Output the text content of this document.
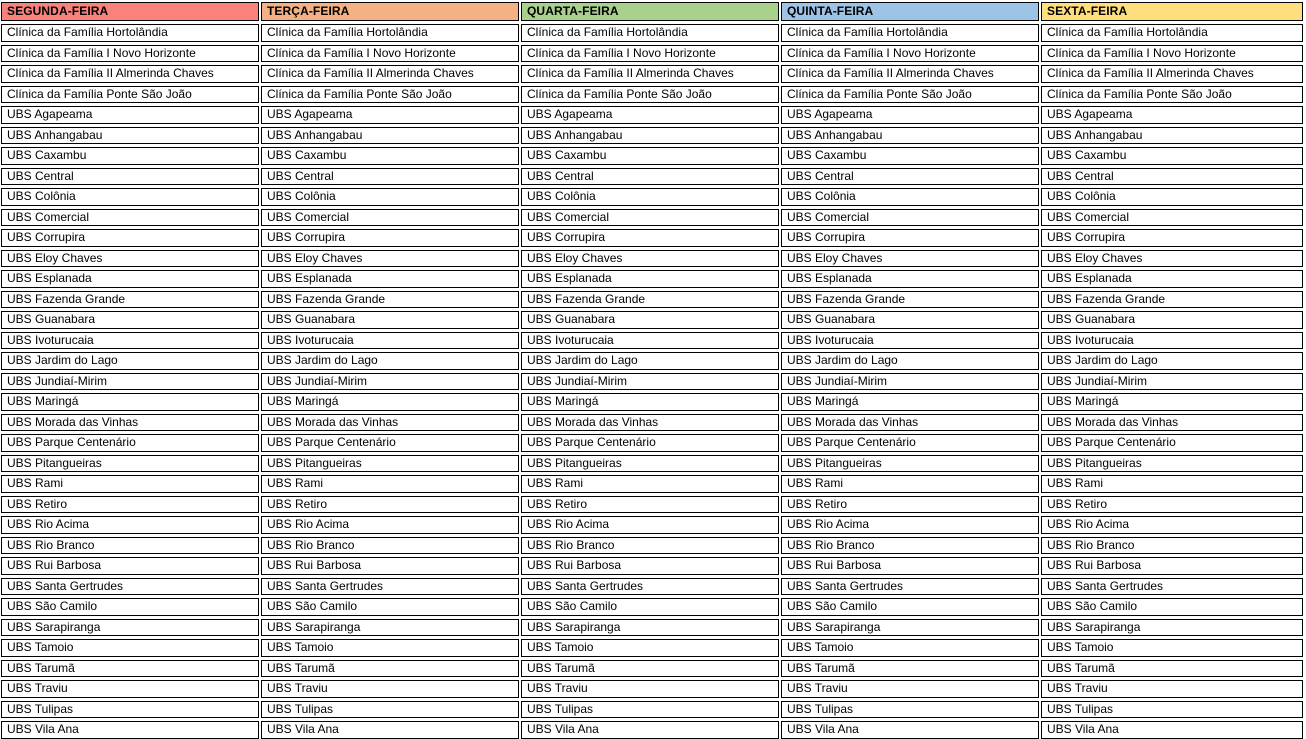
SEGUNDA-FEIRA
Clínica da Família Hortolândia
Clínica da Família I Novo Horizonte
Clínica da Família II Almerinda Chaves
Clínica da Família Ponte São João
UBS Agapeama
UBS Anhangabau
UBS Caxambu
UBS Central
UBS Colônia
UBS Comercial
UBS Corrupira
UBS Eloy Chaves
UBS Esplanada
UBS Fazenda Grande
UBS Guanabara
UBS Ivoturucaia
UBS Jardim do Lago
UBS Jundiaí-Mirim
UBS Maringá
UBS Morada das Vinhas
UBS Parque Centenário
UBS Pitangueiras
UBS Rami
UBS Retiro
UBS Rio Acima
UBS Rio Branco
UBS Rui Barbosa
UBS Santa Gertrudes
UBS São Camilo
UBS Sarapiranga
UBS Tamoio
UBS Tarumã
UBS Traviu
UBS Tulipas
UBS Vila Ana
TERÇA-FEIRA
Clínica da Família Hortolândia
Clínica da Família I Novo Horizonte
Clínica da Família II Almerinda Chaves
Clínica da Família Ponte São João
UBS Agapeama
UBS Anhangabau
UBS Caxambu
UBS Central
UBS Colônia
UBS Comercial
UBS Corrupira
UBS Eloy Chaves
UBS Esplanada
UBS Fazenda Grande
UBS Guanabara
UBS Ivoturucaia
UBS Jardim do Lago
UBS Jundiaí-Mirim
UBS Maringá
UBS Morada das Vinhas
UBS Parque Centenário
UBS Pitangueiras
UBS Rami
UBS Retiro
UBS Rio Acima
UBS Rio Branco
UBS Rui Barbosa
UBS Santa Gertrudes
UBS São Camilo
UBS Sarapiranga
UBS Tamoio
UBS Tarumã
UBS Traviu
UBS Tulipas
UBS Vila Ana
QUARTA-FEIRA
Clínica da Família Hortolândia
Clínica da Família I Novo Horizonte
Clínica da Família II Almerinda Chaves
Clínica da Família Ponte São João
UBS Agapeama
UBS Anhangabau
UBS Caxambu
UBS Central
UBS Colônia
UBS Comercial
UBS Corrupira
UBS Eloy Chaves
UBS Esplanada
UBS Fazenda Grande
UBS Guanabara
UBS Ivoturucaia
UBS Jardim do Lago
UBS Jundiaí-Mirim
UBS Maringá
UBS Morada das Vinhas
UBS Parque Centenário
UBS Pitangueiras
UBS Rami
UBS Retiro
UBS Rio Acima
UBS Rio Branco
UBS Rui Barbosa
UBS Santa Gertrudes
UBS São Camilo
UBS Sarapiranga
UBS Tamoio
UBS Tarumã
UBS Traviu
UBS Tulipas
UBS Vila Ana
QUINTA-FEIRA
Clínica da Família Hortolândia
Clínica da Família I Novo Horizonte
Clínica da Família II Almerinda Chaves
Clínica da Família Ponte São João
UBS Agapeama
UBS Anhangabau
UBS Caxambu
UBS Central
UBS Colônia
UBS Comercial
UBS Corrupira
UBS Eloy Chaves
UBS Esplanada
UBS Fazenda Grande
UBS Guanabara
UBS Ivoturucaia
UBS Jardim do Lago
UBS Jundiaí-Mirim
UBS Maringá
UBS Morada das Vinhas
UBS Parque Centenário
UBS Pitangueiras
UBS Rami
UBS Retiro
UBS Rio Acima
UBS Rio Branco
UBS Rui Barbosa
UBS Santa Gertrudes
UBS São Camilo
UBS Sarapiranga
UBS Tamoio
UBS Tarumã
UBS Traviu
UBS Tulipas
UBS Vila Ana
SEXTA-FEIRA
Clínica da Família Hortolândia
Clínica da Família I Novo Horizonte
Clínica da Família II Almerinda Chaves
Clínica da Família Ponte São João
UBS Agapeama
UBS Anhangabau
UBS Caxambu
UBS Central
UBS Colônia
UBS Comercial
UBS Corrupira
UBS Eloy Chaves
UBS Esplanada
UBS Fazenda Grande
UBS Guanabara
UBS Ivoturucaia
UBS Jardim do Lago
UBS Jundiaí-Mirim
UBS Maringá
UBS Morada das Vinhas
UBS Parque Centenário
UBS Pitangueiras
UBS Rami
UBS Retiro
UBS Rio Acima
UBS Rio Branco
UBS Rui Barbosa
UBS Santa Gertrudes
UBS São Camilo
UBS Sarapiranga
UBS Tamoio
UBS Tarumã
UBS Traviu
UBS Tulipas
UBS Vila Ana
